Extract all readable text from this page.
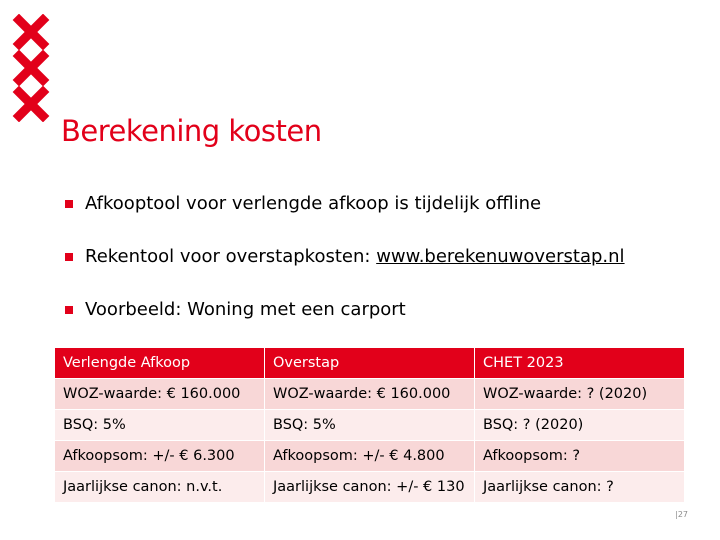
Berekening kosten
Afkooptool voor verlengde afkoop is tijdelijk offline
Rekentool voor overstapkosten: www.berekenuwoverstap.nl
Voorbeeld: Woning met een carport
Verlengde Afkoop	Overstap	CHET 2023
WOZ-waarde: € 160.000	WOZ-waarde: € 160.000	WOZ-waarde: ? (2020)
BSQ: 5%	BSQ: 5%	BSQ: ? (2020)
Afkoopsom: +/- € 6.300	Afkoopsom: +/- € 4.800	Afkoopsom: ?
Jaarlijkse canon: n.v.t.	Jaarlijkse canon: +/- € 130	Jaarlijkse canon: ?
|27
